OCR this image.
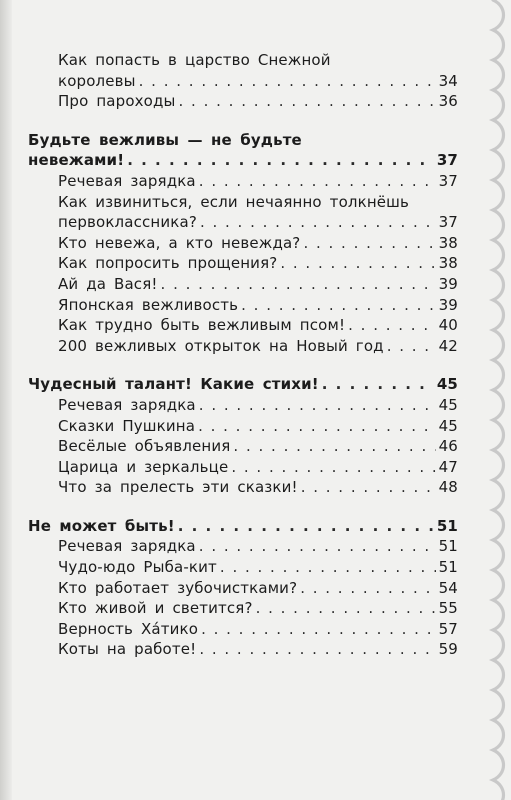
Как попасть в царство Снежной
королевы . . .	34
Про пароходы . . .	36
Будьте вежливы — не будьте
невежами! . . .	37
Речевая зарядка . . .	37
Как извиниться, если нечаянно толкнёшь
первоклассника? . . .	37
Кто невежа, а кто невежда? . . .	38
Как попросить прощения? . . .	38
Ай да Вася! . . .	39
Японская вежливость . . .	39
Как трудно быть вежливым псом! . . .	40
200 вежливых открыток на Новый год . . .	42
Чудесный талант! Какие стихи! . . .	45
Речевая зарядка . . .	45
Сказки Пушкина . . .	45
Весёлые объявления . . .	46
Царица и зеркальце . . .	47
Что за прелесть эти сказки! . . .	48
Не может быть! . . .	51
Речевая зарядка . . .	51
Чудо-юдо Рыба-кит . . .	51
Кто работает зубочистками? . . .	54
Кто живой и светится? . . .	55
Верность Ха́тико . . .	57
Коты на работе! . . .	59
